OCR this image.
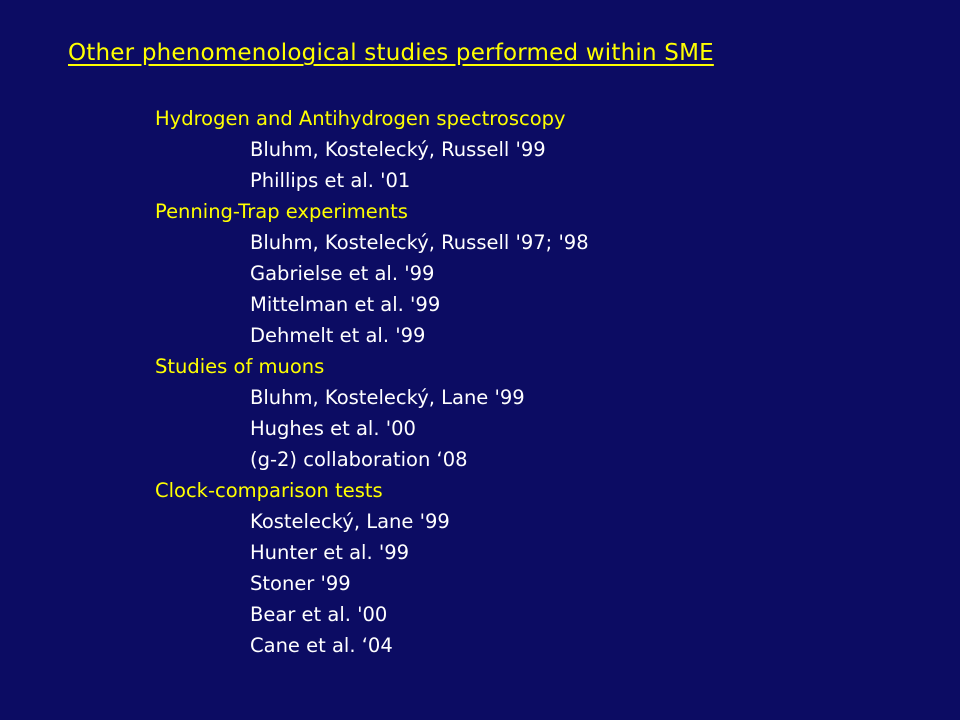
Other phenomenological studies performed within SME
Hydrogen and Antihydrogen spectroscopy
Bluhm, Kostelecký, Russell '99
Phillips et al. '01
Penning-Trap experiments
Bluhm, Kostelecký, Russell '97; '98
Gabrielse et al. '99
Mittelman et al. '99
Dehmelt et al. '99
Studies of muons
Bluhm, Kostelecký, Lane '99
Hughes et al. '00
(g-2) collaboration ‘08
Clock-comparison tests
Kostelecký, Lane '99
Hunter et al. '99
Stoner '99
Bear et al. '00
Cane et al. ‘04
